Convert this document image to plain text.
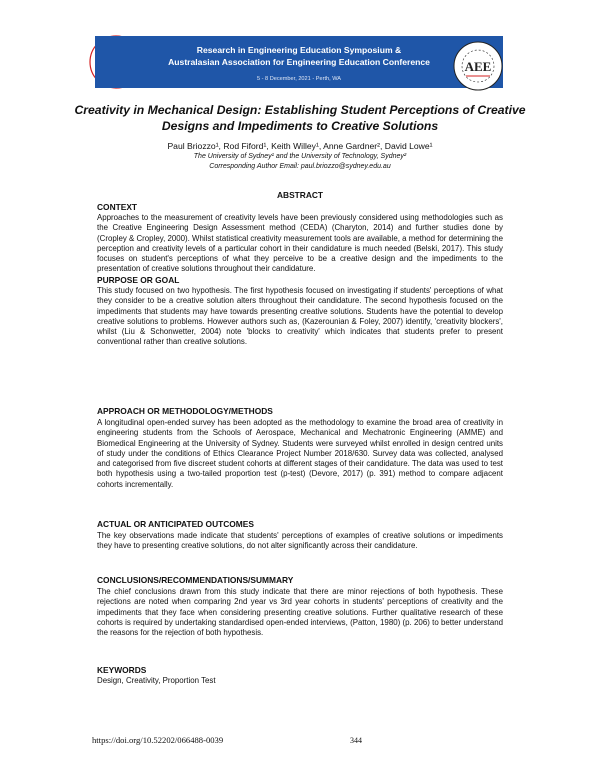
Research in Engineering Education Symposium &
Australasian Association for Engineering Education Conference
5 - 8 December, 2021 - Perth, WA
AEE
Creativity in Mechanical Design: Establishing Student Perceptions of Creative Designs and Impediments to Creative Solutions
Paul Briozzo¹, Rod Fiford¹, Keith Willey¹, Anne Gardner², David Lowe¹
The University of Sydney¹ and the University of Technology, Sydney²
Corresponding Author Email: paul.briozzo@sydney.edu.au
ABSTRACT
CONTEXT
Approaches to the measurement of creativity levels have been previously considered using methodologies such as the Creative Engineering Design Assessment method (CEDA) (Charyton, 2014) and further studies done by (Cropley & Cropley, 2000). Whilst statistical creativity measurement tools are available, a method for determining the perception and creativity levels of a particular cohort in their candidature is much needed (Belski, 2017). This study focuses on student's perceptions of what they perceive to be a creative design and the impediments to the presentation of creative solutions throughout their candidature.
PURPOSE OR GOAL
This study focused on two hypothesis. The first hypothesis focused on investigating if students' perceptions of what they consider to be a creative solution alters throughout their candidature. The second hypothesis focused on the impediments that students may have towards presenting creative solutions. Students have the potential to develop creative solutions to problems. However authors such as, (Kazerounian & Foley, 2007) identify, 'creativity blockers', whilst (Liu & Schonwetter, 2004) note 'blocks to creativity' which indicates that students prefer to present conventional rather than creative solutions.
APPROACH OR METHODOLOGY/METHODS
A longitudinal open-ended survey has been adopted as the methodology to examine the broad area of creativity in engineering students from the Schools of Aerospace, Mechanical and Mechatronic Engineering (AMME) and Biomedical Engineering at the University of Sydney. Students were surveyed whilst enrolled in design centred units of study under the conditions of Ethics Clearance Project Number 2018/630. Survey data was collected, analysed and categorised from five discreet student cohorts at different stages of their candidature. The data was used to test both hypothesis using a two-tailed proportion test (p-test) (Devore, 2017) (p. 391) method to compare adjacent cohorts incrementally.
ACTUAL OR ANTICIPATED OUTCOMES
The key observations made indicate that students' perceptions of examples of creative solutions or impediments they have to presenting creative solutions, do not alter significantly across their candidature.
CONCLUSIONS/RECOMMENDATIONS/SUMMARY
The chief conclusions drawn from this study indicate that there are minor rejections of both hypothesis. These rejections are noted when comparing 2nd year vs 3rd year cohorts in students' perceptions of creativity and the impediments that they face when considering presenting creative solutions. Further qualitative research of these cohorts is required by undertaking standardised open-ended interviews, (Patton, 1980) (p. 206) to better understand the reasons for the rejection of both hypothesis.
KEYWORDS
Design, Creativity, Proportion Test
https://doi.org/10.52202/066488-0039	344
